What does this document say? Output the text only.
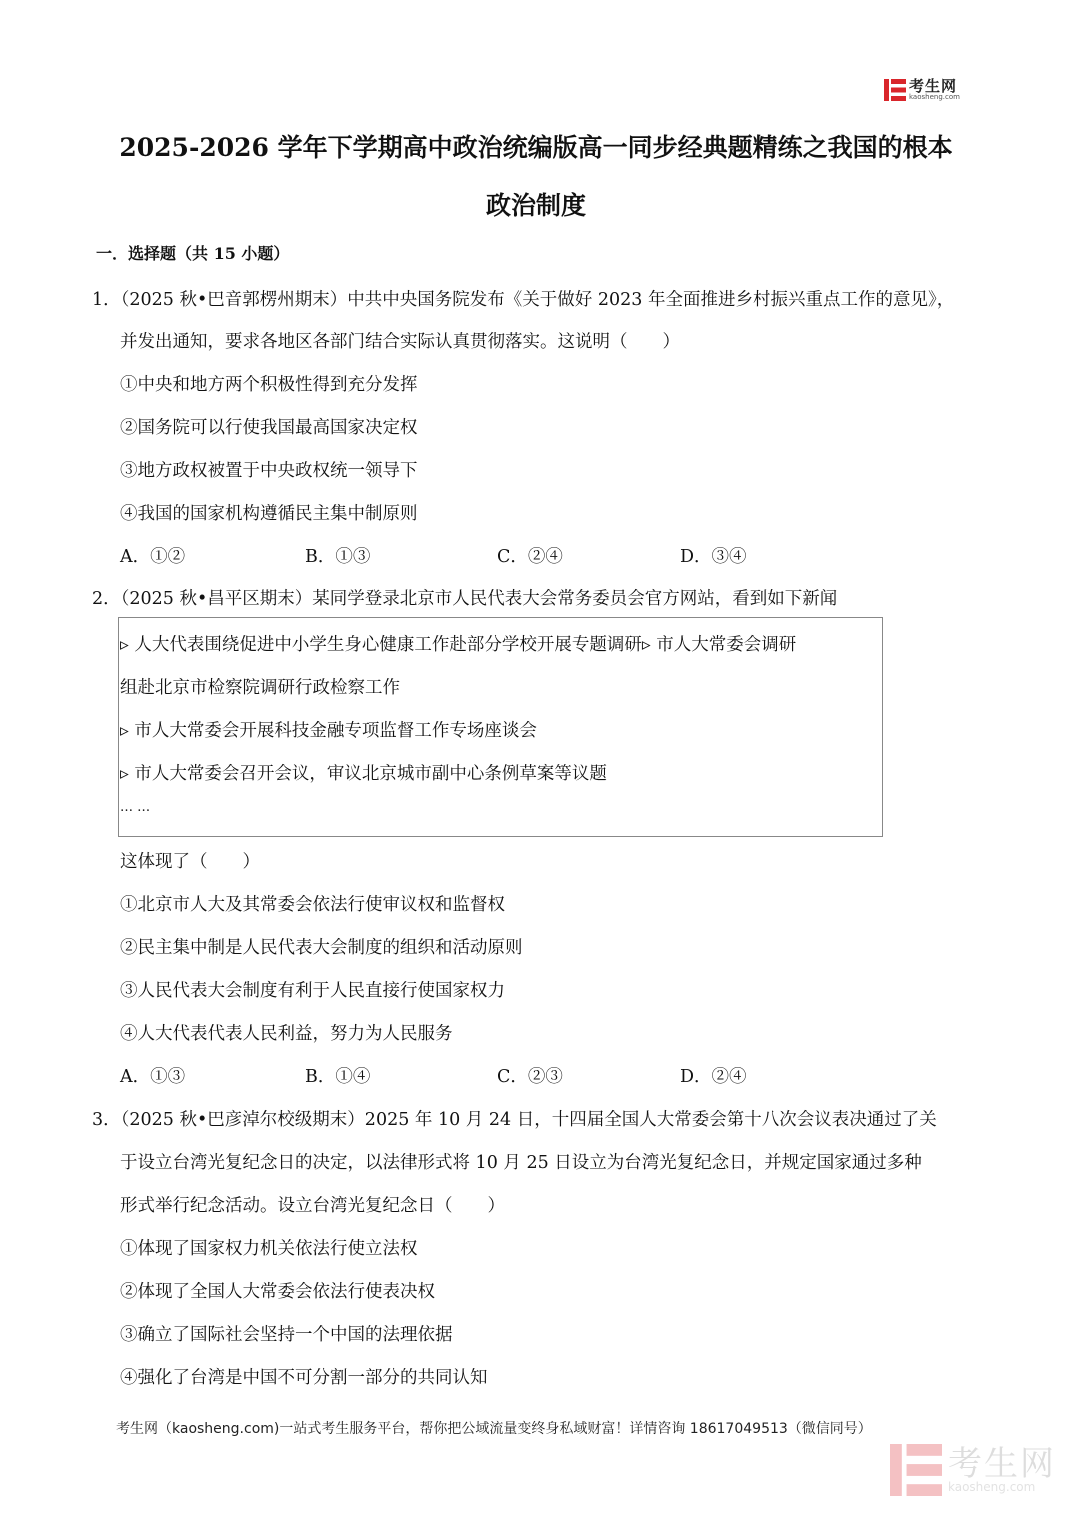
考生网
kaosheng.com
2025-2026 学年下学期高中政治统编版高一同步经典题精练之我国的根本
政治制度
一．选择题（共 15 小题）
1．（2025 秋•巴音郭楞州期末）中共中央国务院发布《关于做好 2023 年全面推进乡村振兴重点工作的意见》，
并发出通知，要求各地区各部门结合实际认真贯彻落实。这说明（　　）
①中央和地方两个积极性得到充分发挥
②国务院可以行使我国最高国家决定权
③地方政权被置于中央政权统一领导下
④我国的国家机构遵循民主集中制原则
A．①②	B．①③	C．②④	D．③④
2．（2025 秋•昌平区期末）某同学登录北京市人民代表大会常务委员会官方网站，看到如下新闻
▹ 人大代表围绕促进中小学生身心健康工作赴部分学校开展专题调研▹ 市人大常委会调研
组赴北京市检察院调研行政检察工作
▹ 市人大常委会开展科技金融专项监督工作专场座谈会
▹ 市人大常委会召开会议，审议北京城市副中心条例草案等议题
… …
这体现了（　　）
①北京市人大及其常委会依法行使审议权和监督权
②民主集中制是人民代表大会制度的组织和活动原则
③人民代表大会制度有利于人民直接行使国家权力
④人大代表代表人民利益，努力为人民服务
A．①③	B．①④	C．②③	D．②④
3．（2025 秋•巴彦淖尔校级期末）2025 年 10 月 24 日，十四届全国人大常委会第十八次会议表决通过了关
于设立台湾光复纪念日的决定，以法律形式将 10 月 25 日设立为台湾光复纪念日，并规定国家通过多种
形式举行纪念活动。设立台湾光复纪念日（　　）
①体现了国家权力机关依法行使立法权
②体现了全国人大常委会依法行使表决权
③确立了国际社会坚持一个中国的法理依据
④强化了台湾是中国不可分割一部分的共同认知
考生网（kaosheng.com)一站式考生服务平台，帮你把公域流量变终身私域财富！详情咨询 18617049513（微信同号）
考生网
kaosheng.com
